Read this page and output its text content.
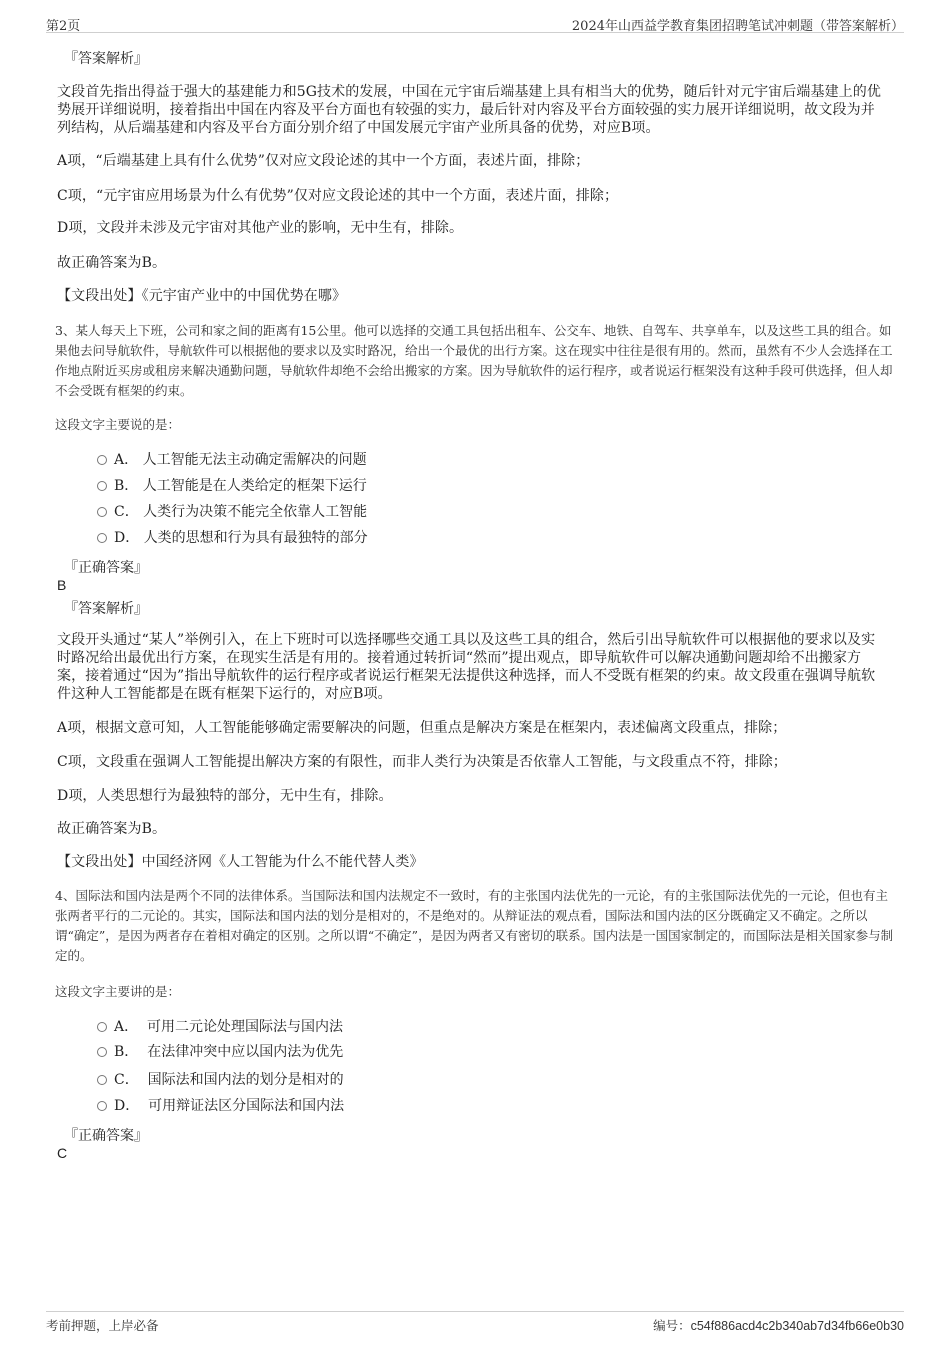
第2页	2024年山西益学教育集团招聘笔试冲刺题（带答案解析）
『答案解析』
文段首先指出得益于强大的基建能力和5G技术的发展，中国在元宇宙后端基建上具有相当大的优势，随后针对元宇宙后端基建上的优势展开详细说明，接着指出中国在内容及平台方面也有较强的实力，最后针对内容及平台方面较强的实力展开详细说明，故文段为并列结构，从后端基建和内容及平台方面分别介绍了中国发展元宇宙产业所具备的优势，对应B项。
A项，“后端基建上具有什么优势”仅对应文段论述的其中一个方面，表述片面，排除；
C项，“元宇宙应用场景为什么有优势”仅对应文段论述的其中一个方面，表述片面，排除；
D项，文段并未涉及元宇宙对其他产业的影响，无中生有，排除。
故正确答案为B。
【文段出处】《元宇宙产业中的中国优势在哪》
3、某人每天上下班，公司和家之间的距离有15公里。他可以选择的交通工具包括出租车、公交车、地铁、自驾车、共享单车，以及这些工具的组合。如果他去问导航软件，导航软件可以根据他的要求以及实时路况，给出一个最优的出行方案。这在现实中往往是很有用的。然而，虽然有不少人会选择在工作地点附近买房或租房来解决通勤问题，导航软件却绝不会给出搬家的方案。因为导航软件的运行程序，或者说运行框架没有这种手段可供选择，但人却不会受既有框架的约束。
这段文字主要说的是：
A． 人工智能无法主动确定需解决的问题
B． 人工智能是在人类给定的框架下运行
C． 人类行为决策不能完全依靠人工智能
D． 人类的思想和行为具有最独特的部分
『正确答案』
B
『答案解析』
文段开头通过“某人”举例引入，在上下班时可以选择哪些交通工具以及这些工具的组合，然后引出导航软件可以根据他的要求以及实时路况给出最优出行方案，在现实生活是有用的。接着通过转折词“然而”提出观点，即导航软件可以解决通勤问题却给不出搬家方案，接着通过“因为”指出导航软件的运行程序或者说运行框架无法提供这种选择，而人不受既有框架的约束。故文段重在强调导航软件这种人工智能都是在既有框架下运行的，对应B项。
A项，根据文意可知，人工智能能够确定需要解决的问题，但重点是解决方案是在框架内，表述偏离文段重点，排除；
C项，文段重在强调人工智能提出解决方案的有限性，而非人类行为决策是否依靠人工智能，与文段重点不符，排除；
D项，人类思想行为最独特的部分，无中生有，排除。
故正确答案为B。
【文段出处】中国经济网《人工智能为什么不能代替人类》
4、国际法和国内法是两个不同的法律体系。当国际法和国内法规定不一致时，有的主张国内法优先的一元论，有的主张国际法优先的一元论，但也有主张两者平行的二元论的。其实，国际法和国内法的划分是相对的，不是绝对的。从辩证法的观点看，国际法和国内法的区分既确定又不确定。之所以谓“确定”，是因为两者存在着相对确定的区别。之所以谓“不确定”，是因为两者又有密切的联系。国内法是一国国家制定的，而国际法是相关国家参与制定的。
这段文字主要讲的是：
A． 可用二元论处理国际法与国内法
B． 在法律冲突中应以国内法为优先
C． 国际法和国内法的划分是相对的
D． 可用辩证法区分国际法和国内法
『正确答案』
C
考前押题，上岸必备	编号：c54f886acd4c2b340ab7d34fb66e0b30
